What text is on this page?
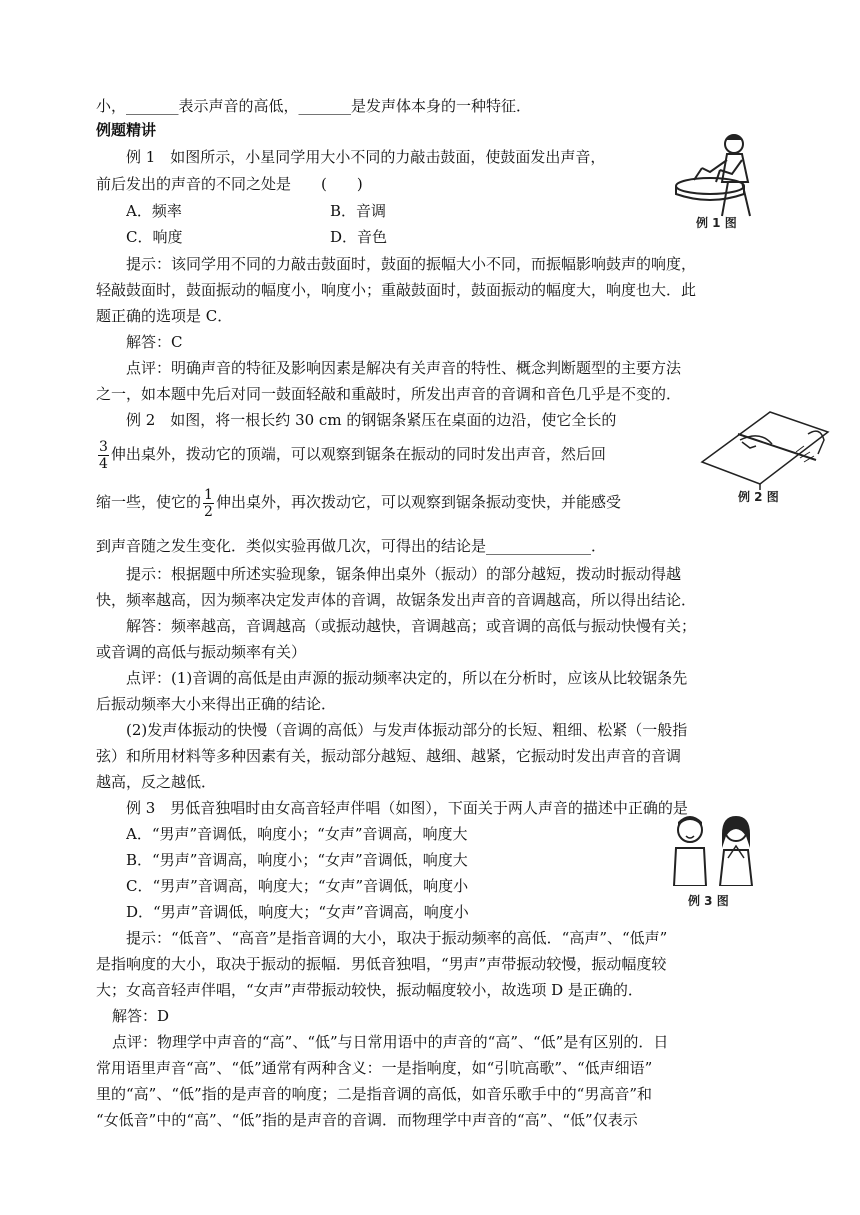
小，_______表示声音的高低，_______是发声体本身的一种特征．
例题精讲
例 1　如图所示，小星同学用大小不同的力敲击鼓面，使鼓面发出声音，
前后发出的声音的不同之处是　　(　　)
A．频率	B．音调
C．响度	D．音色
例 1 图
提示：该同学用不同的力敲击鼓面时，鼓面的振幅大小不同，而振幅影响鼓声的响度，
轻敲鼓面时，鼓面振动的幅度小，响度小；重敲鼓面时，鼓面振动的幅度大，响度也大．此
题正确的选项是 C．
解答：C
点评：明确声音的特征及影响因素是解决有关声音的特性、概念判断题型的主要方法
之一，如本题中先后对同一鼓面轻敲和重敲时，所发出声音的音调和音色几乎是不变的．
例 2　如图，将一根长约 30 cm 的钢锯条紧压在桌面的边沿，使它全长的
$\frac{3}{4}$ 伸出桌外，拨动它的顶端，可以观察到锯条在振动的同时发出声音，然后回
缩一些，使它的 $\frac{1}{2}$ 伸出桌外，再次拨动它，可以观察到锯条振动变快，并能感受
到声音随之发生变化．类似实验再做几次，可得出的结论是______________．
例 2 图
提示：根据题中所述实验现象，锯条伸出桌外（振动）的部分越短，拨动时振动得越
快，频率越高，因为频率决定发声体的音调，故锯条发出声音的音调越高，所以得出结论．
解答：频率越高，音调越高（或振动越快，音调越高；或音调的高低与振动快慢有关；
或音调的高低与振动频率有关）
点评：(1)音调的高低是由声源的振动频率决定的，所以在分析时，应该从比较锯条先
后振动频率大小来得出正确的结论．
(2)发声体振动的快慢（音调的高低）与发声体振动部分的长短、粗细、松紧（一般指
弦）和所用材料等多种因素有关，振动部分越短、越细、越紧，它振动时发出声音的音调
越高，反之越低．
例 3　男低音独唱时由女高音轻声伴唱（如图），下面关于两人声音的描述中正确的是
A．“男声”音调低，响度小；“女声”音调高，响度大
B．“男声”音调高，响度小；“女声”音调低，响度大
C．“男声”音调高，响度大；“女声”音调低，响度小
D．“男声”音调低，响度大；“女声”音调高，响度小
例 3 图
提示：“低音”、“高音”是指音调的大小，取决于振动频率的高低．“高声”、“低声”
是指响度的大小，取决于振动的振幅．男低音独唱，“男声”声带振动较慢，振动幅度较
大；女高音轻声伴唱，“女声”声带振动较快，振动幅度较小，故选项 D 是正确的．
解答：D
点评：物理学中声音的“高”、“低”与日常用语中的声音的“高”、“低”是有区别的．日
常用语里声音“高”、“低”通常有两种含义：一是指响度，如“引吭高歌”、“低声细语”
里的“高”、“低”指的是声音的响度；二是指音调的高低，如音乐歌手中的“男高音”和
“女低音”中的“高”、“低”指的是声音的音调．而物理学中声音的“高”、“低”仅表示
